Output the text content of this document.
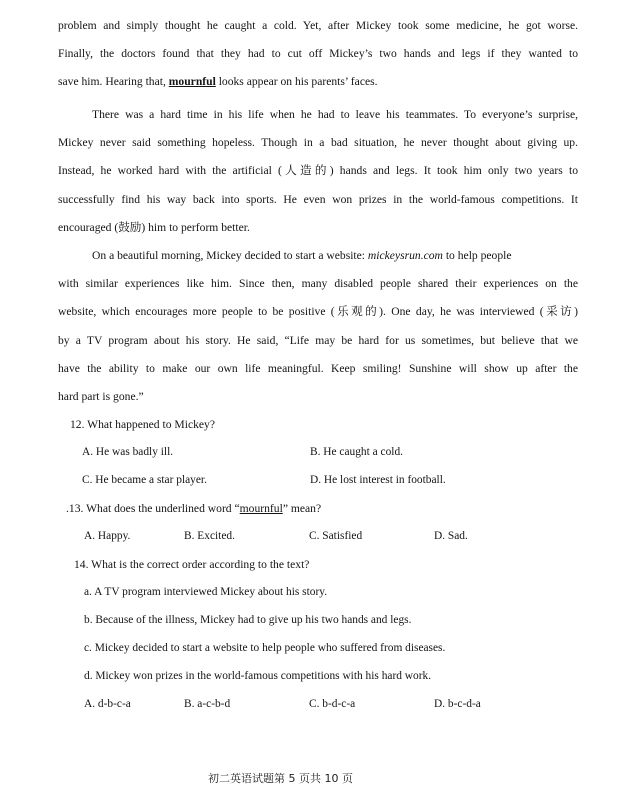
problem and simply thought he caught a cold. Yet, after Mickey took some medicine, he got worse.
Finally, the doctors found that they had to cut off Mickey’s two hands and legs if they wanted to
save him. Hearing that, mournful looks appear on his parents’ faces.
There was a hard time in his life when he had to leave his teammates. To everyone’s surprise,
Mickey never said something hopeless. Though in a bad situation, he never thought about giving up.
Instead, he worked hard with the artificial (人造的) hands and legs. It took him only two years to
successfully find his way back into sports. He even won prizes in the world-famous competitions. It
encouraged (鼓励) him to perform better.
On a beautiful morning, Mickey decided to start a website: mickeysrun.com to help people
with similar experiences like him. Since then, many disabled people shared their experiences on the
website, which encourages more people to be positive (乐观的). One day, he was interviewed (采访)
by a TV program about his story. He said, “Life may be hard for us sometimes, but believe that we
have the ability to make our own life meaningful. Keep smiling! Sunshine will show up after the
hard part is gone.”
12. What happened to Mickey?
A. He was badly ill.	B. He caught a cold.
C. He became a star player.	D. He lost interest in football.
.13. What does the underlined word “mournful” mean?
A. Happy.	B. Excited.	C. Satisfied	D. Sad.
14. What is the correct order according to the text?
a. A TV program interviewed Mickey about his story.
b. Because of the illness, Mickey had to give up his two hands and legs.
c. Mickey decided to start a website to help people who suffered from diseases.
d. Mickey won prizes in the world-famous competitions with his hard work.
A. d-b-c-a	B. a-c-b-d	C. b-d-c-a	D. b-c-d-a
初二英语试题第 5 页共 10 页
